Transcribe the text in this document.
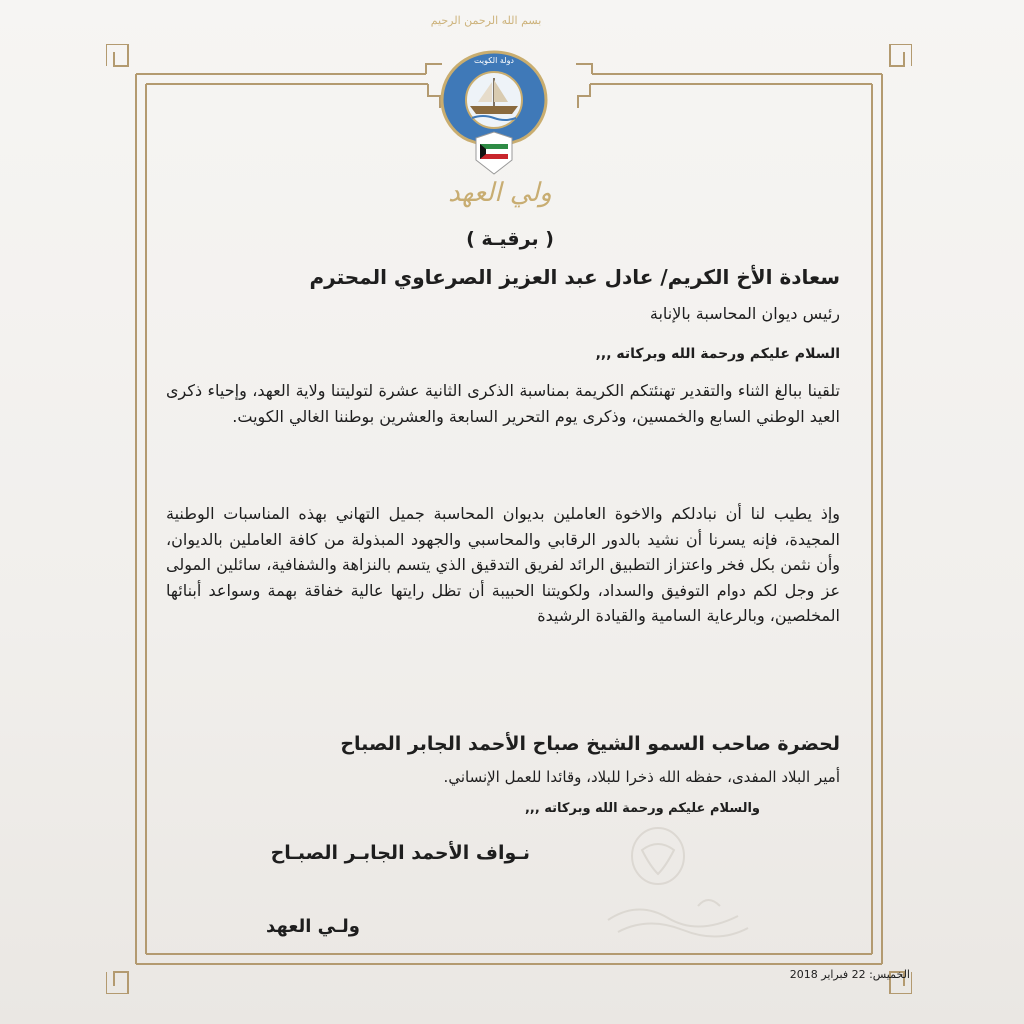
بسم الله الرحمن الرحيم
دولة الكويت
ولي العهد
( برقيـة )
سعادة الأخ الكريم/ عادل عبد العزيز الصرعاوي المحترم
رئيس ديوان المحاسبة بالإنابة
السلام عليكم ورحمة الله وبركاته ,,,
تلقينا ببالغ الثناء والتقدير تهنئتكم الكريمة بمناسبة الذكرى الثانية عشرة لتوليتنا ولاية العهد، وإحياء ذكرى العيد الوطني السابع والخمسين، وذكرى يوم التحرير السابعة والعشرين بوطننا الغالي الكويت.
وإذ يطيب لنا أن نبادلكم والاخوة العاملين بديوان المحاسبة جميل التهاني بهذه المناسبات الوطنية المجيدة، فإنه يسرنا أن نشيد بالدور الرقابي والمحاسبي والجهود المبذولة من كافة العاملين بالديوان، وأن نثمن بكل فخر واعتزاز التطبيق الرائد لفريق التدقيق الذي يتسم بالنزاهة والشفافية، سائلين المولى عز وجل لكم دوام التوفيق والسداد، ولكويتنا الحبيبة أن تظل رايتها عالية خفاقة بهمة وسواعد أبنائها المخلصين، وبالرعاية السامية والقيادة الرشيدة
لحضرة صاحب السمو الشيخ صباح الأحمد الجابر الصباح
أمير البلاد المفدى، حفظه الله ذخرا للبلاد، وقائدا للعمل الإنساني.
والسلام عليكم ورحمة الله وبركاته ,,,
نـواف الأحمد الجابـر الصبـاح
ولـي العهد
الخميس: 22 فبراير 2018
